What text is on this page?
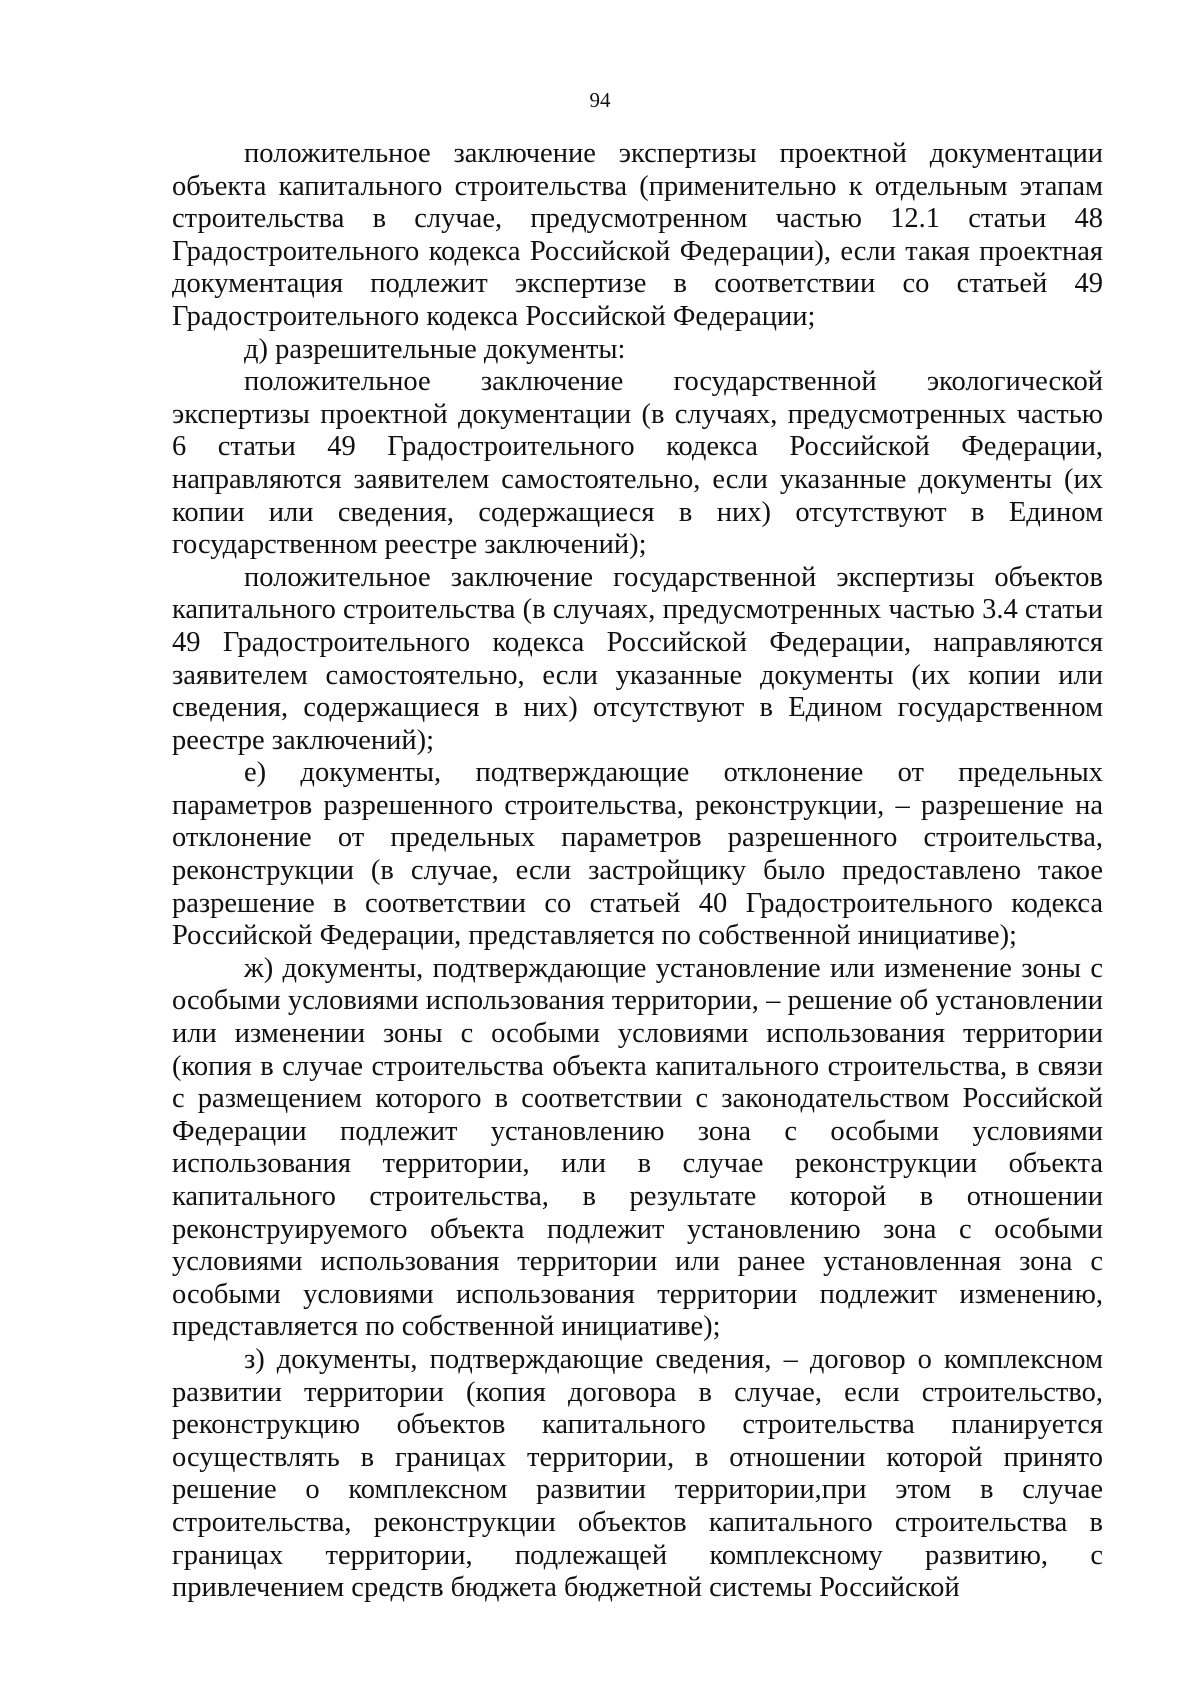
94

положительное заключение экспертизы проектной документации объекта капитального строительства (применительно к отдельным этапам строительства в случае, предусмотренном частью 12.1 статьи 48 Градостроительного кодекса Российской Федерации), если такая проектная документация подлежит экспертизе в соответствии со статьей 49 Градостроительного кодекса Российской Федерации;

д) разрешительные документы:

положительное заключение государственной экологической экспертизы проектной документации (в случаях, предусмотренных частью 6 статьи 49 Градостроительного кодекса Российской Федерации, направляются заявителем самостоятельно, если указанные документы (их копии или сведения, содержащиеся в них) отсутствуют в Едином государственном реестре заключений);

положительное заключение государственной экспертизы объектов капитального строительства (в случаях, предусмотренных частью 3.4 статьи 49 Градостроительного кодекса Российской Федерации, направляются заявителем самостоятельно, если указанные документы (их копии или сведения, содержащиеся в них) отсутствуют в Едином государственном реестре заключений);

е) документы, подтверждающие отклонение от предельных параметров разрешенного строительства, реконструкции, – разрешение на отклонение от предельных параметров разрешенного строительства, реконструкции (в случае, если застройщику было предоставлено такое разрешение в соответствии со статьей 40 Градостроительного кодекса Российской Федерации, представляется по собственной инициативе);

ж) документы, подтверждающие установление или изменение зоны с особыми условиями использования территории, – решение об установлении или изменении зоны с особыми условиями использования территории (копия в случае строительства объекта капитального строительства, в связи с размещением которого в соответствии с законодательством Российской Федерации подлежит установлению зона с особыми условиями использования территории, или в случае реконструкции объекта капитального строительства, в результате которой в отношении реконструируемого объекта подлежит установлению зона с особыми условиями использования территории или ранее установленная зона с особыми условиями использования территории подлежит изменению, представляется по собственной инициативе);

з) документы, подтверждающие сведения, – договор о комплексном развитии территории (копия договора в случае, если строительство, реконструкцию объектов капитального строительства планируется осуществлять в границах территории, в отношении которой принято решение о комплексном развитии территории,при этом в случае строительства, реконструкции объектов капитального строительства в границах территории, подлежащей комплексному развитию, с привлечением средств бюджета бюджетной системы Российской
